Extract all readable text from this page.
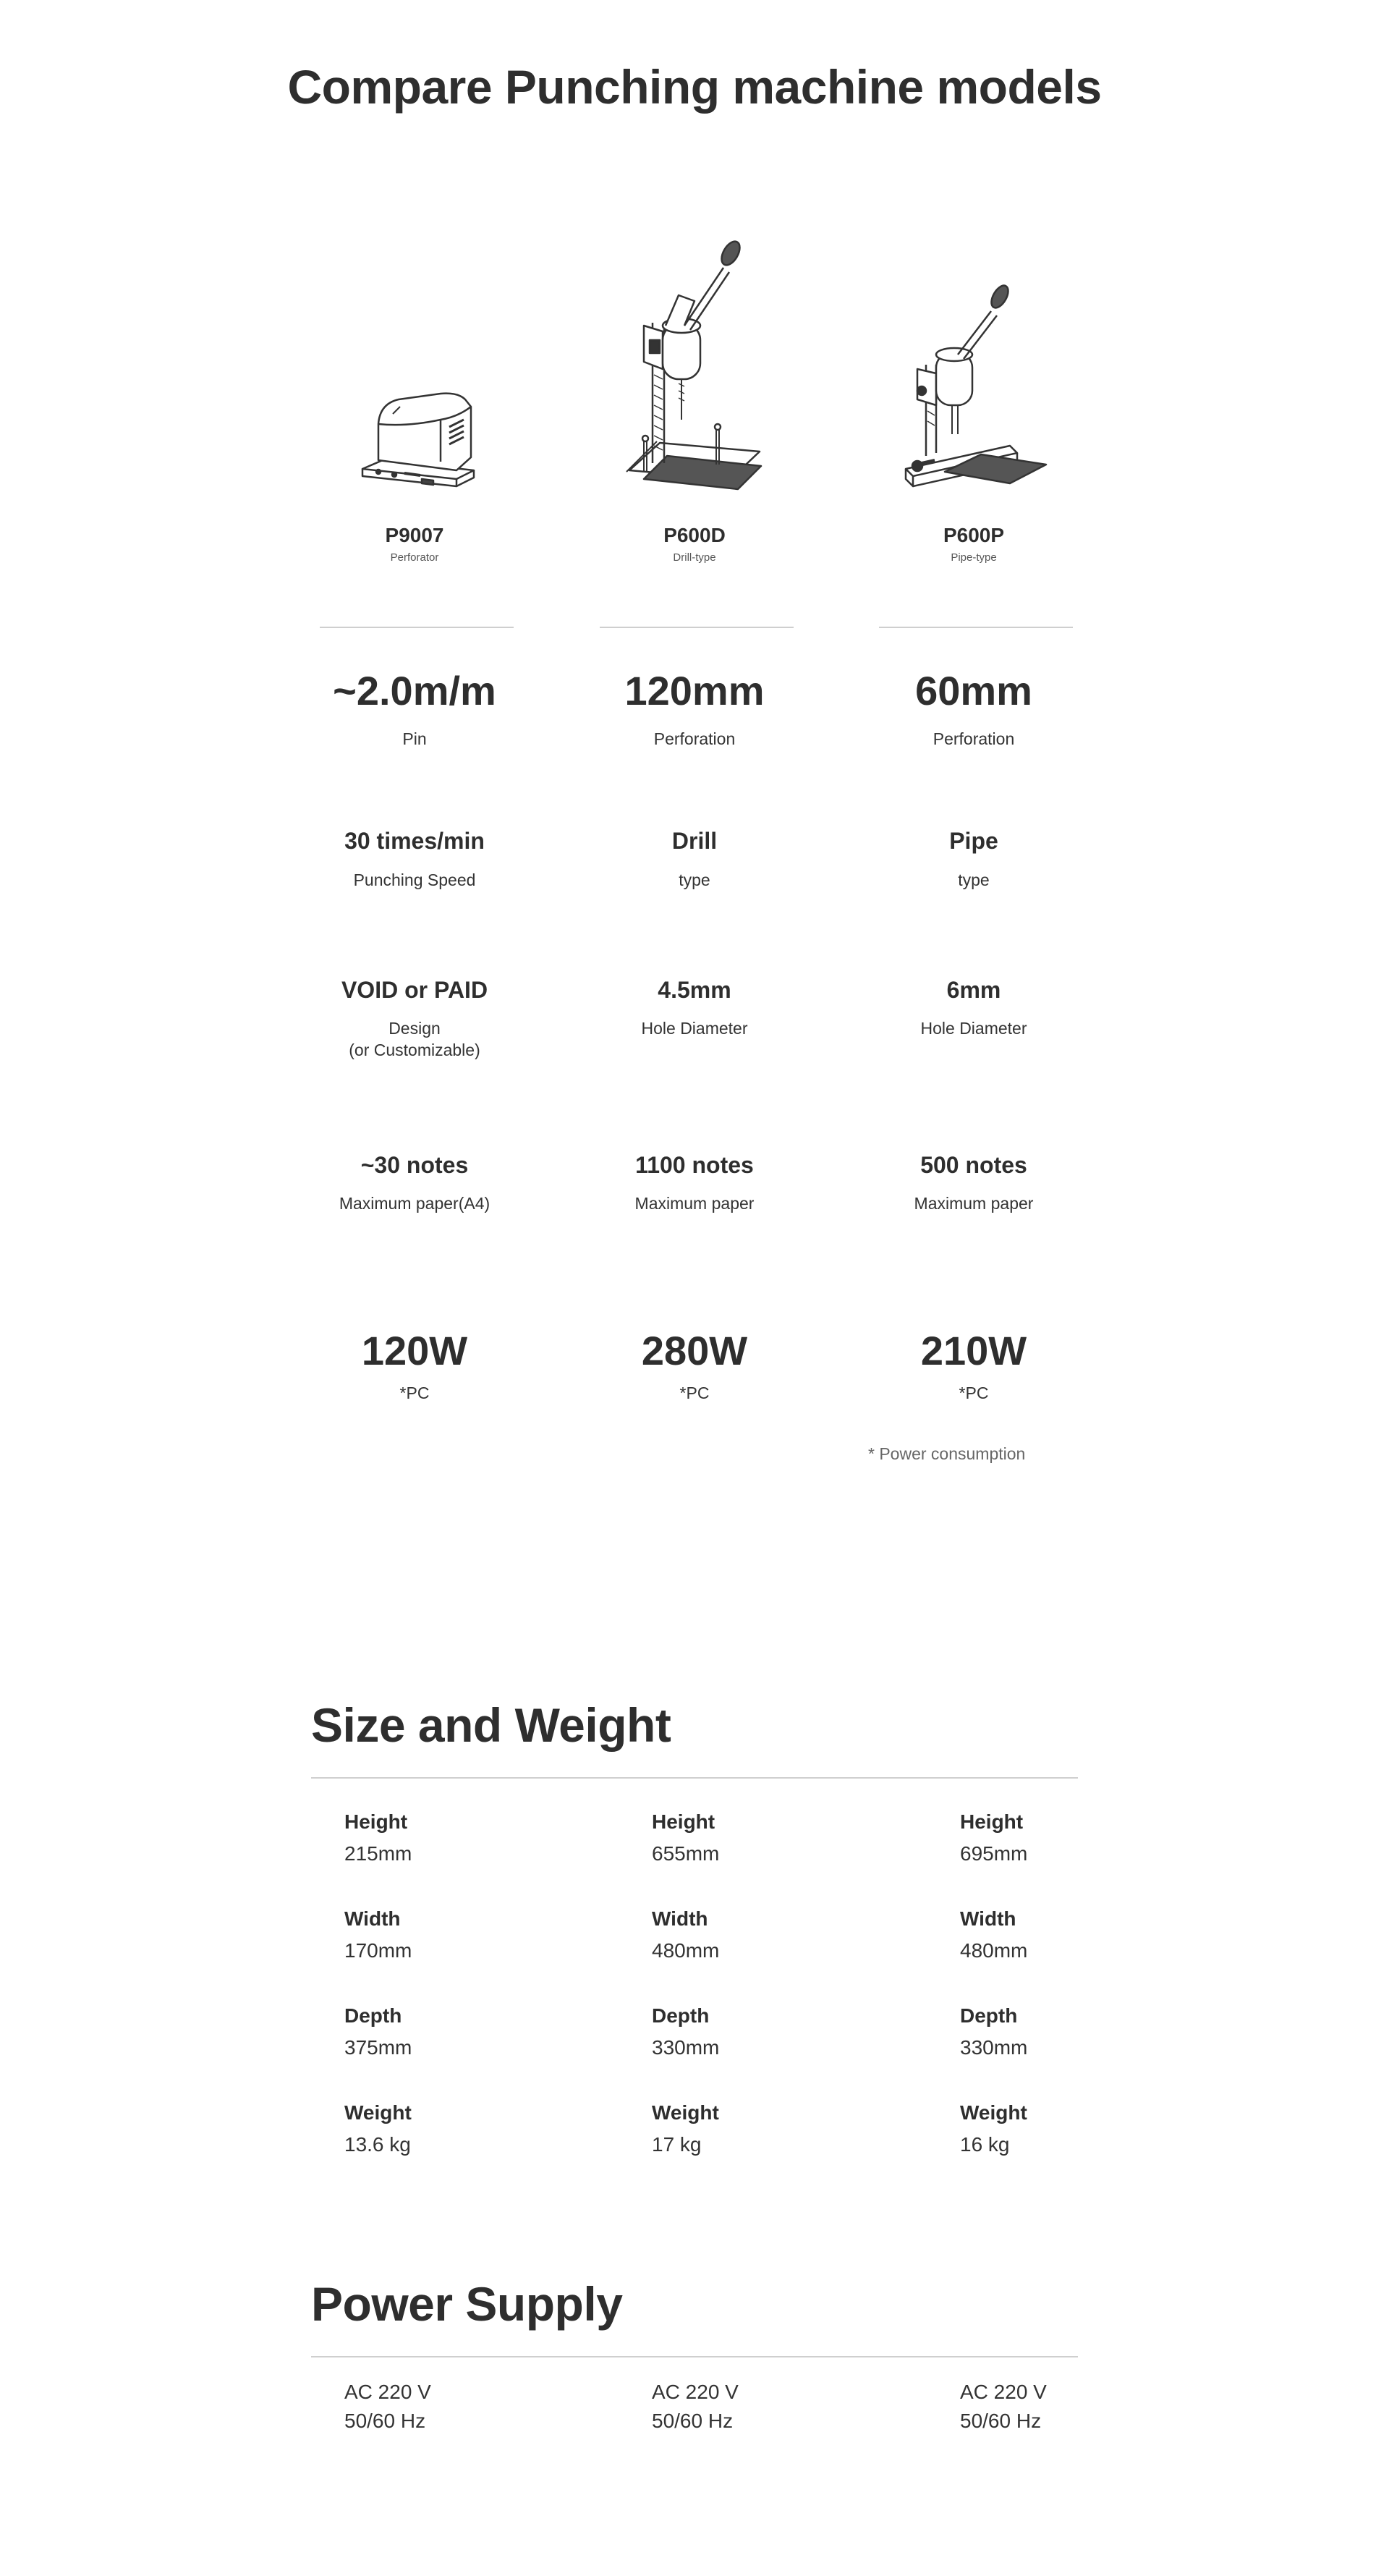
Compare Punching machine models
P9007
Perforator
~2.0m/m
Pin
30 times/min
Punching Speed
VOID or PAID
Design
(or Customizable)
~30 notes
Maximum paper(A4)
120W
*PC
P600D
Drill-type
120mm
Perforation
Drill
type
4.5mm
Hole Diameter
1100 notes
Maximum paper
280W
*PC
P600P
Pipe-type
60mm
Perforation
Pipe
type
6mm
Hole Diameter
500 notes
Maximum paper
210W
*PC
* Power consumption
Size and Weight
Height
215mm
Width
170mm
Depth
375mm
Weight
13.6 kg
Height
655mm
Width
480mm
Depth
330mm
Weight
17 kg
Height
695mm
Width
480mm
Depth
330mm
Weight
16 kg
Power Supply
AC 220 V
50/60 Hz
AC 220 V
50/60 Hz
AC 220 V
50/60 Hz
